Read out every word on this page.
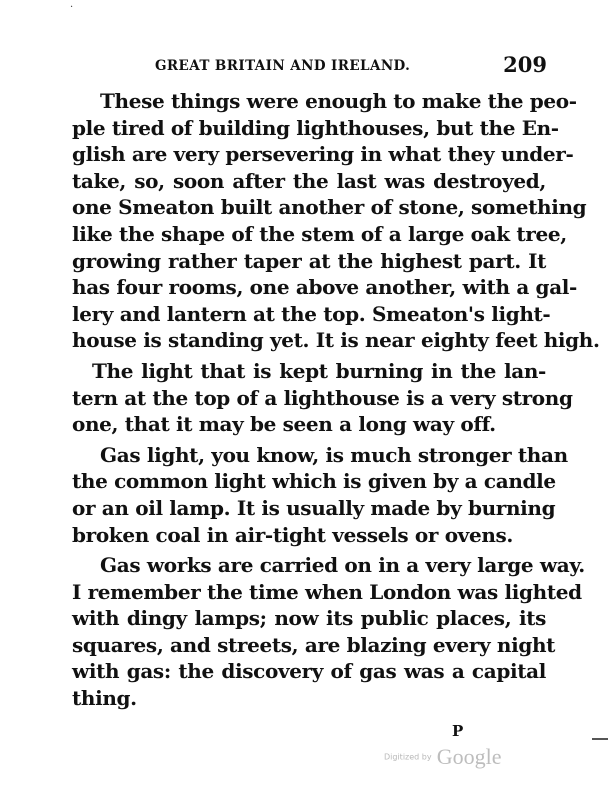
·
GREAT BRITAIN AND IRELAND.	209
These things were enough to make the peo-
ple tired of building lighthouses, but the En-
glish are very persevering in what they under-
take, so, soon after the last was destroyed,
one Smeaton built another of stone, something
like the shape of the stem of a large oak tree,
growing rather taper at the highest part. It
has four rooms, one above another, with a gal-
lery and lantern at the top. Smeaton's light-
house is standing yet. It is near eighty feet high.
The light that is kept burning in the lan-
tern at the top of a lighthouse is a very strong
one, that it may be seen a long way off.
Gas light, you know, is much stronger than
the common light which is given by a candle
or an oil lamp. It is usually made by burning
broken coal in air-tight vessels or ovens.
Gas works are carried on in a very large way.
I remember the time when London was lighted
with dingy lamps; now its public places, its
squares, and streets, are blazing every night
with gas: the discovery of gas was a capital
thing.
P
Digitized by Google
